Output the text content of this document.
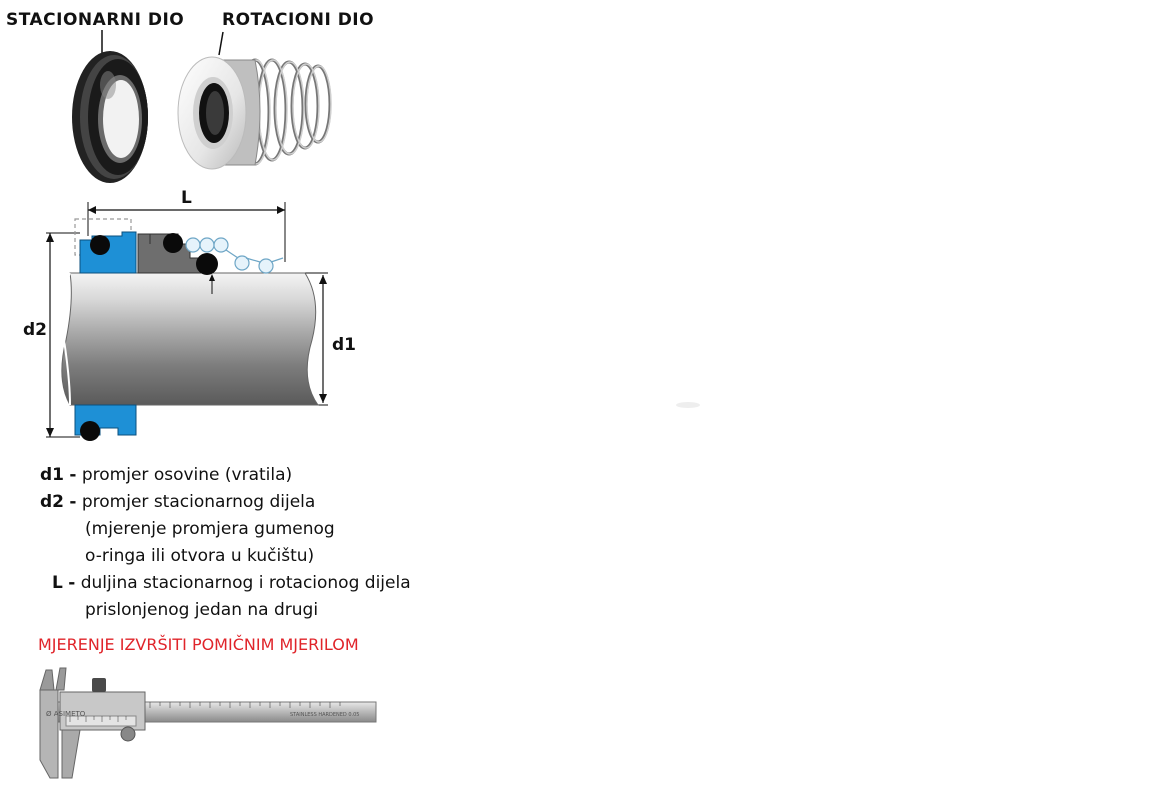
STACIONARNI DIO ROTACIONI DIO
Ø ASIMETO	STAINLESS HARDENED 0.05
L
d2
d1
d1 - promjer osovine (vratila)
d2 - promjer stacionarnog dijela
(mjerenje promjera gumenog
o-ringa ili otvora u kučištu)
L - duljina stacionarnog i rotacionog dijela
prislonjenog jedan na drugi
MJERENJE IZVRŠITI POMIČNIM MJERILOM
